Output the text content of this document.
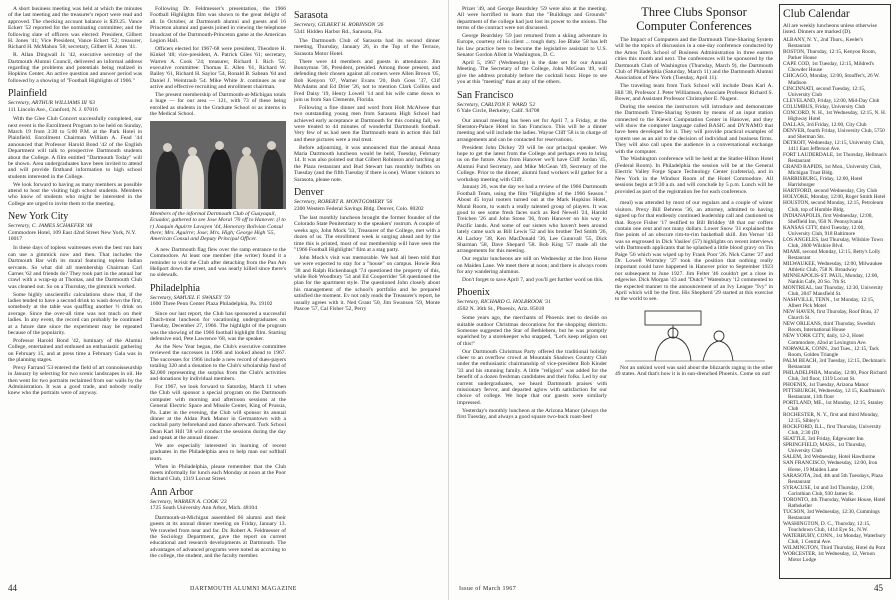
A short business meeting was held at which the minutes of the last meeting and the treasurer's report were read and approved. The checking account balance is $39.25. Vance Eckert '52 reported for the nominating committee; and the following slate of officers was elected: President, Gilbert H. Jones '41; Vice President, Vance Eckert '52; treasurer, Richard H. McMahon '58; secretary, Gilbert H. Jones '41.

R. Allan Dingwall Jr. '42, executive secretary of the Dartmouth Alumni Council, delivered an informal address regarding the problems and potentials being realized in Hopkins Center. An active question and answer period was followed by a showing of "Football Highlights of 1966."

Plainfield
Secretary, ARTHUR WILLIAMS III '63
111 Lincoln Ave., Cranford, N. J. 07016

With the Glee Club Concert successfully completed, our next event is the Enrollment Program to be held on Sunday, March 19 from 3:30 to 5:00 P.M. at the Park Hotel in Plainfield. Enrollment Chairman William A. Fead '44 announced that Professor Harold Bond '42 of the English Department will talk to prospective Dartmouth students about the College. A film entitled "Dartmouth Today" will be shown. Area undergraduates have been invited to attend and will provide firsthand information to high school students interested in the College.

We look forward to having as many members as possible attend to host the visiting high school students. Members who know of students who might be interested in the College are urged to invite them to the meeting.

New York City
Secretary, C. JAMES SCHAEFER '48
Commodore Hotel, 109 East 42nd Street New York, N.Y. 10017

In these days of topless waitresses even the best run bars can use a gimmick now and then. That includes the Dartmouth Bar with its mural featuring topless Indian servants. So what did all membership Chairman Carl Carnes '62 and friends do? They took part in the annual bar crawl with a wrap-up at Thomas, and the Dartmouth Club was cleaned out. So on a Thursday, the gimmick worked.

Some highly unscientific calculations show that, if the ladies tended to have a second drink to wash down the first, somebody at the table was quaffing another ½ drink on average. Since the over-all time was not much on their ladies. In any event, the record can probably be continued at a future date since the experiment may be repeated because of the popularity.

Professor Harold Bond '42, luminary of the Alumni College, entertained and enthused an enthusiastic gathering on February 15, and at press time a February Gala was in the planning stages.

Prexy Farrand '53 entered the field of art connoisseurship in January by selecting for two scenic landscapes in oil. He then went for two portraits reclaimed from our walls by the Administration. It was a good trade, and nobody really knew who the portraits were of anyway.

Following Dr. Feldmesser's presentation, the 1966 Football Highlights film was shown to the great delight of all. In October, at Dartmouth alumni and guests and 16 Princeton alumni and guests joined in viewing the telephone broadcast of the Dartmouth-Princeton game at the American Legion Hall.

Officers elected for 1967-68 were president, Theodore H. Kinkel '48; vice-president, A. Patrick Giles '61; secretary, Warren A. Cook '24; treasurer, Richard I. Rich '55; executive committee: Thomas E. Allen '61, Richard W. Bailey '61, Richard H. Saylor '54, Ronald B. Sabean '64 and Daniel J. Weintraub '54. Mike White Jr. continues as our active and effective recruiting and enrollment chairman.

The present membership of Dartmouth-at-Michigan totals a huge — for our area — 121, with 73 of these being enrolled as students in the Graduate School or as interns in the Medical School.

Members of the informal Dartmouth Club of Guayaquil, Ecuador, gathered to see Jose Moral '70 off to Hanover. (l to r) Joaquin Aguirre Lavayen '44, Honorary Bolivian Consul there; Mrs. Aguirre; Jose; Mrs. High; George High '55, American Consul and Deputy Principal Officer.

A new Dartmouth flag flew over the ramp entrance to the Commodore. At least one member (the writer) found it a reminder to visit the Club after detaching from the Pan Am Heliport down the street, and was nearly killed since there's no sidewalk.

Philadelphia
Secretary, SAMUEL F. SWASEY '59
1600 Three Penn Center Plaza Philadelphia, Pa. 19102

Since our last report, the Club has sponsored a successful Dutch-treat luncheon for vacationing undergraduates on Tuesday, December 27, 1966. The highlight of the program was the showing of the 1966 football highlight film. Starting defensive end, Pete Lawrence '68, was the speaker.

As the New Year began, the Club's executive committee reviewed the successes in 1966 and looked ahead to 1967. The successes for 1966 include a new record of dues-payers totaling 320 and a donation to the Club's scholarship fund of $2,000 representing the surplus from the Club's activities and donations by individual members.

For 1967, we look forward to Saturday, March 11 when the Club will sponsor a special program on the Dartmouth computer with morning and afternoon sessions at the General Electric Space and Missile Center, King of Prussia, Pa. Later in the evening, the Club will sponsor its annual dinner at the Aldan Park Manor in Germantown with a cocktail party beforehand and dance afterward. Tuck School Dean Karl Hill '38 will conduct the sessions during the day and speak at the annual dinner.

We are especially interested in learning of recent graduates in the Philadelphia area to help man our softball team.

When in Philadelphia, please remember that the Club meets informally for lunch each Monday at noon at the Poor Richard Club, 1319 Locust Street.

Ann Arbor
Secretary, WARREN A. COOK '23
1725 South University Ann Arbor, Mich. 48104

Dartmouth-at-Michigan assembled 66 alumni and their guests at its annual dinner meeting on Friday, January 13. We traveled from near and far. Dr. Robert A. Feldmesser of the Sociology Department, gave the report on current educational and research developments at Dartmouth. The advantages of advanced programs were noted as accruing to the college, the student, and the faculty member.

Sarasota
Secretary, GILBERT H. ROBINSON '26
5341 Hidden Harbor Rd., Sarasota, Fla.

The Dartmouth Club of Sarasota had its second dinner meeting, Thursday, January 26, in the Top of the Terrace, Sarasota Motor Hotel.

There were 44 members and guests in attendance. Jim Bonnyman '36, President, presided. Among those present, and defending their chosen against all comers were Allen Brown '05, Bob Kenyon '07, Warner Evans '20, Bob Goss '37, Clif McAdams and Ed Drier '26, not to mention Clark Collins and Fred Daisy '19, Henry Lowell '14 and his wife came down to join us from San Clemente, Florida.

Following a fine dinner and word from Holt McAlwee that two outstanding young men from Sarasota High School had achieved early acceptance at Dartmouth for this coming fall, we were treated to 44 minutes of wonderful Dartmouth football. Very few of us had seen the Dartmouth team in action this fall and these pictures were a real treat.

Before adjourning, it was announced that the annual Anna Maria Dartmouth luncheon would be held, Tuesday, February 14. It was also pointed out that Gilbert Robinson and hatching at the Plaza restaurant and Bud Stewart has monthly buffets on Tuesday (and the fifth Tuesday if there is one). Winter visitors to Sarasota, please note.

Denver
Secretary, ROBERT R. MONTGOMERY '56
2300 Western Federal Savings Bldg. Denver, Colo. 80202

The last monthly luncheon brought the former founder of the Colorado State Penitentiary to the speakers' rostrum. A couple of weeks ago, John Mock '33, Treasurer of the College, met with a dozen of us. The enrollment week is surging ahead and by the time this is printed, most of our membership will have seen the "1966 Football Highlights" film at a stag party.

John Mock's visit was memorable. We had all been told that we were expected to stay for a "house" on campus. Howie Rea '38 and Ralph Rickenbaugh '74 questioned the property of this, while Bob Woodbury '54 and Ed Cooperrider '58 questioned the plan for the apartment style. The questioned John closely about his management of the school's portfolio and he prepared satisfied the moment. Ev not only reads the Treasurer's report, he usually agrees with it. Ned Grant '50, Jim Swanson '59, Monte Pascoe '57, Cal Fisher '52, Perry

44	DARTMOUTH ALUMNI MAGAZINE

Prizer '49, and George Beardsley '59 were also at the meeting. All were horrified to learn that the "Buildings and Grounds" department of the college had just lost its power to the unions. The terms of the contract were not discussed.

George Beardsley '59 just returned from a skiing adventure in Europe, courtesy of his client ... tough duty. Joe Blake '58 has left his law practice here to become the legislative assistant to U.S. Senator Gordon Allott in Washington, D. C.

April 5, 1967 (Wednesday) is the date set for our Annual Meeting. The Secretary of the College, John McGean '49, will give the address probably before the cocktail hour. Hope to see you at this "meeting" than at any of the others.

San Francisco
Secretary, CARLTON F. WARD '52
6 Yale Circle, Berkeley, Calif. 94708

Our annual meeting has been set for April 7, a Friday, at the Sheraton-Palace Hotel in San Francisco. This will be a dinner meeting and will include the ladies. Wayne Cliff '58 is in charge of arrangements and can be contacted for reservations.

President John Dickey '29 will be our principal speaker. We hope to get the latest from the College and perhaps even to bring us on the future. Also from Hanover we'll have Cliff Jordan '45, Alumni Fund Secretary, and Mike McGean '49, Secretary of the College. Prior to the dinner, alumni fund workers will gather for a workshop meeting with Cliff.

January 26, was the day we had a review of the 1966 Dartmouth Football Team, using the film "Highlights of the 1966 Season." About 45 loyal rooters turned out at the Mark Hopkins Hotel, Mural Room, to watch a really talented group of players. It was good to see some fresh faces such as Red Newell '24, Harold Treichen '26 and John Stone '36, from Hanover on his way to Pacific lands. And some of our sisters who haven't been around lately came such as Bill Lewis '52 and his brother Ted Smith '26, Al Lackey '38, Ken MacDonald '36, Lee Gunnvall '55, Dick Sharman '58, Dave Shepard '58. Bob King '57 made all the arrangements for this meeting.

Our regular luncheons are still on Wednesday at the Iron Horse on Maiden Lane. We meet there at noon; and there is always room for any wandering alumnus.

Don't forget to save April 7, and you'll get further word on this.

Phoenix
Secretary, RICHARD G. HOLBROOK '31
4502 N. 36th St., Phoenix, Ariz. 85018

Some years ago, the merchants of Phoenix met to decide on suitable outdoor Christmas decorations for the shopping districts. Someone suggested the Star of Bethlehem, but he was promptly squelched by a storekeeper who snapped, "Let's keep religion out of this!"

Our Dartmouth Christmas Party offered the traditional holiday cheer to an overflow crowd at Mountain Shadows Country Club under the enthusiastic chairmanship of vice-president Bob Kinder '33 and his stunning family. A little "religion" was added for the benefit of a dozen freshman candidates and their folks. Led by our current undergraduates, we heard Dartmouth praises with missionary fervor, and departed aglow with satisfaction for our choice of college. We hope that our guests were similarly impressed.

Yesterday's monthly luncheon at the Arizona Manor (always the first Tuesday, and always a good square two-buck roast-beef

Three Clubs Sponsor Computer Conferences

The Impact of Computers and the Dartmouth Time-Sharing System will be the topics of discussion in a one-day conference conducted by the Amos Tuck School of Business Administration in three eastern cities this month and next. The conferences will be sponsored by the Dartmouth Club of Washington (Thursday, March 9), the Dartmouth Club of Philadelphia (Saturday, March 11) and the Dartmouth Alumni Association of New York (Tuesday, April 11).

The traveling team from Tuck School will include Dean Karl A. Hill '38, Professor J. Peter Williamson, Associate Professor Richard S. Bower, and Assistant Professor Christopher E. Nugent.

During the session the instructors will introduce and demonstrate the Dartmouth Time-Sharing System by means of an input station connected to the Kiewit Computation Center in Hanover, and they will show the computer language called BASIC and DYNAMO that have been developed for it. They will provide practical examples of system use as an aid to the decision of individual and business firms. They will also call upon the audience in a conversational exchange with the computer.

The Washington conference will be held at the Statler-Hilton Hotel (Federal Room). In Philadelphia the session will be at the General Electric Valley Forge Space Technology Center (cafeteria), and in New York in the Windsor Room of the Hotel Commodore. All sessions begin at 9:30 a.m. and will conclude by 5 p.m. Lunch will be provided as part of the registration fee for each conference.

meal) was attended by most of our regulars and a couple of winter visitors. Prexy Bill Behrens '36, an attorney, admitted to having signed up for that endlessly continued leadership call and cautioned us that. Royce Fisher '17 testified to Bill Briddey '48 that our coffers contain one cent and not many dollars. Lower Snow '31 explained the fine points of an obscure rim-to-rim basketball skill. Jim Vernor '43 was so engrossed in Dick Vasiles' (57) highlights on recent interviews with Dartmouth applicants that he splashed a little blood gravy on Tin Paige '56 which was wiped up by Frank Poor '26. Nick Carter '27 and Dr. Lowell Wormley '27 took the position that nothing really important could have happened in Hanover prior to September 1923 nor subsequent to June 1927. Jim Felter '46 couldn't get a close in edgewise. Dick Morgan '43 and "Dutch" Watenbury '12 commented to the expected manner to the announcement of an Ivy League "Ivy" in April which will be the first. His Shepherd '29 started at this exercise to the world to see.

Not an unkind word was said about the blizzards raging in the other 49 states. And that's how it is in sun-drenched Phoenix. Come on out!

Club Calendar
All are weekly luncheons unless otherwise listed. Dinners are marked (D).
ALBANY, N. Y., 2nd Thurs., Keeler's Restaurant
BOSTON, Thursday, 12:15, Kenyon Room, Parker House
CAPE COD, 1st Tuesday, 12:15, Mildred's Chowder House
CHICAGO, Monday, 12:00, Stouffer's, 26 W. Madison
CINCINNATI, second Tuesday, 12:15, University Club
CLEVELAND, Friday, 12:00, Mid-Day Club
COLUMBUS, Friday, University Club
CONCORD, N. H., 1st Wednesday, 12:15, N. H. Highway Hotel
DALLAS, 3rd Friday, 12:00, City Club
DENVER, fourth Friday, University Club, 5750 and Sherman Sts.
DETROIT, Wednesday, 12:15, University Club, 1411 East Jefferson Ave.
FORT LAUDERDALE, 1st Thursday, Hellman's Restaurant
GRAND RAPIDS, 1st Mon., University Club, Michigan Trust Bldg.
HARRISBURG, Friday, 12:00, Hotel Harrisburger
HARTFORD, second Wednesday, City Club
HOLYOKE, Monday, 12:00, Roger Smith Hotel
HOUSTON, second Monday, 12:15, Petroleum Club, top of Humble Bldg.
INDIANAPOLIS, first Wednesday, 12:00, Sheffield Inn, 950 N. Pennsylvania
KANSAS CITY, third Tuesday, 12:00, University Club, 918 Baltimore
LOS ANGELES, last Thursday, Wilshire Town Club, 2600 Wilshire Blvd.
MIAMI, second Monday, 12:15, Betty's Lolly Restaurant
MILWAUKEE, Wednesday, 12:00, Milwaukee Athletic Club, 758 N. Broadway
MINNEAPOLIS-ST. PAUL, Monday, 12:00, Nankin Cafe, 20 So. 7th St.
MONTREAL, last Thursday, 12:30, University Club, 2047 Mansfield St.
NASHVILLE, TENN., 1st Monday, 12:15, Albert Pick Motel
NEW HAVEN, first Thursday, Roof Brau, 37 Church St.
NEW ORLEANS, third Thursday, Swedish Room, International House
NEW YORK CITY, daily, 12-2, Hotel Commodore, 42nd at Lexington Ave.
NORWALK, CONN., 2nd Tues., 12:15, Tack Room, Golden Triangle
PALM BEACH, 3rd Tuesday, 12:15, Deckman's Restaurant
PHILADELPHIA, Monday, 12:00, Poor Richard Club, 3rd floor, 1319 Locust St.
PHOENIX, 1st Tuesday, Arizona Manor
PITTSBURGH, Wednesday, 12:15, Kaufmann's Restaurant, 11th floor
PORTLAND, ME., 1st Monday, 12:15, Stanley Club
ROCHESTER, N. Y., first and third Monday, 12:15, Sibley's
ROCKFORD, ILL., first Thursday, University Club, 2:30 (D)
SEATTLE, 3rd Friday, Edgewater Inn
SPRINGFIELD, MASS., 1st Thursday, University Club
SALEM, 3rd Wednesday, Hotel Hawthorne
SAN FRANCISCO, Wednesday, 12:00, Iron Horse, 19 Maiden Lane
SARASOTA, 2nd, 4th and 5th Tuesdays, Plaza Restaurant
SYRACUSE, 1st and 3rd Thursday, 12:00, Corinthian Club, 930 James St.
TORONTO, 4th Thursday, Walker House, Hotel Rathskeller
TUCSON, 3rd Wednesday, 12:30, Cummings Restaurant
WASHINGTON, D. C., Thursday, 12:15, Touchdown Club, 1414 Eye St., N.W.
WATERBURY, CONN., 1st Monday, Waterbury Club, 1 Central Ave.
WILMINGTON, Third Thursday, Hotel du Pont
WORCESTER, 1st Wednesday, 12, Vernon Motor Lodge
Issue of March 1967	45
